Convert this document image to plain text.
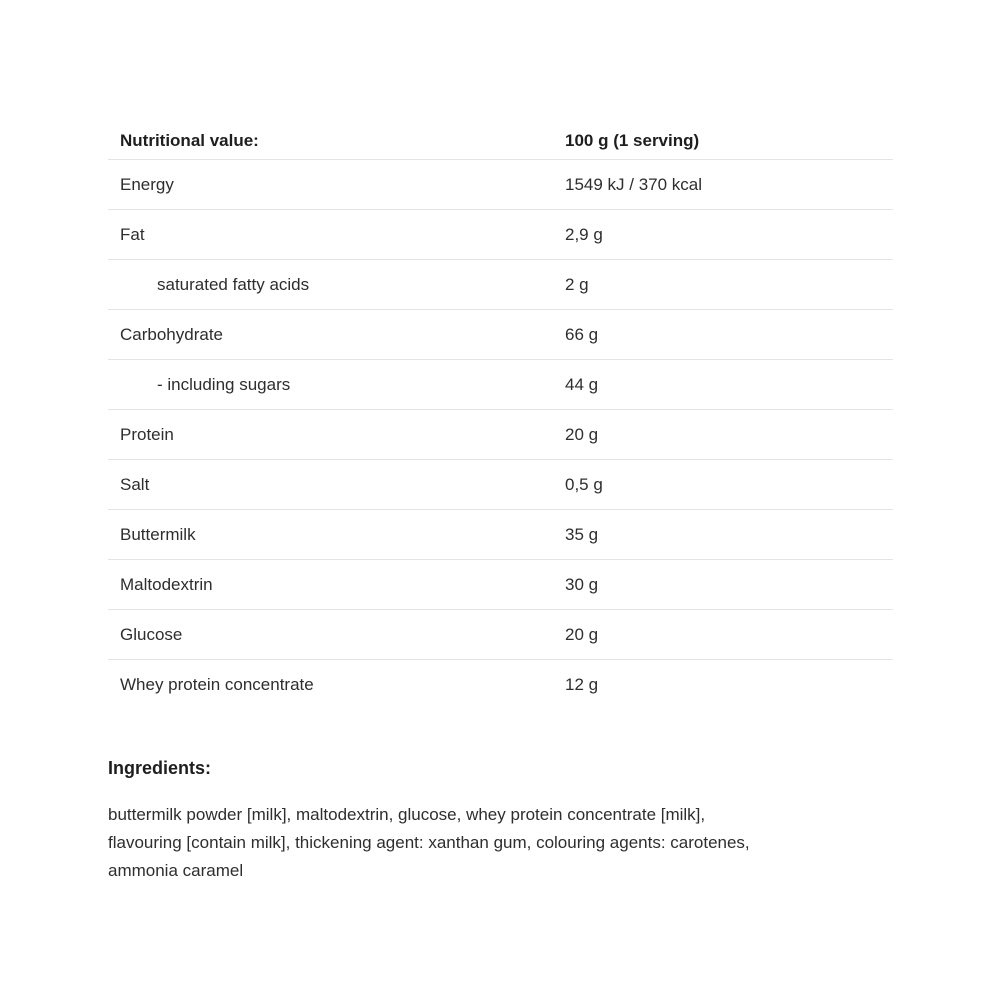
Nutritional value:	100 g (1 serving)
Energy	1549 kJ / 370 kcal
Fat	2,9 g
saturated fatty acids	2 g
Carbohydrate	66 g
- including sugars	44 g
Protein	20 g
Salt	0,5 g
Buttermilk	35 g
Maltodextrin	30 g
Glucose	20 g
Whey protein concentrate	12 g
Ingredients:
buttermilk powder [milk], maltodextrin, glucose, whey protein concentrate [milk], flavouring [contain milk], thickening agent: xanthan gum, colouring agents: carotenes, ammonia caramel
